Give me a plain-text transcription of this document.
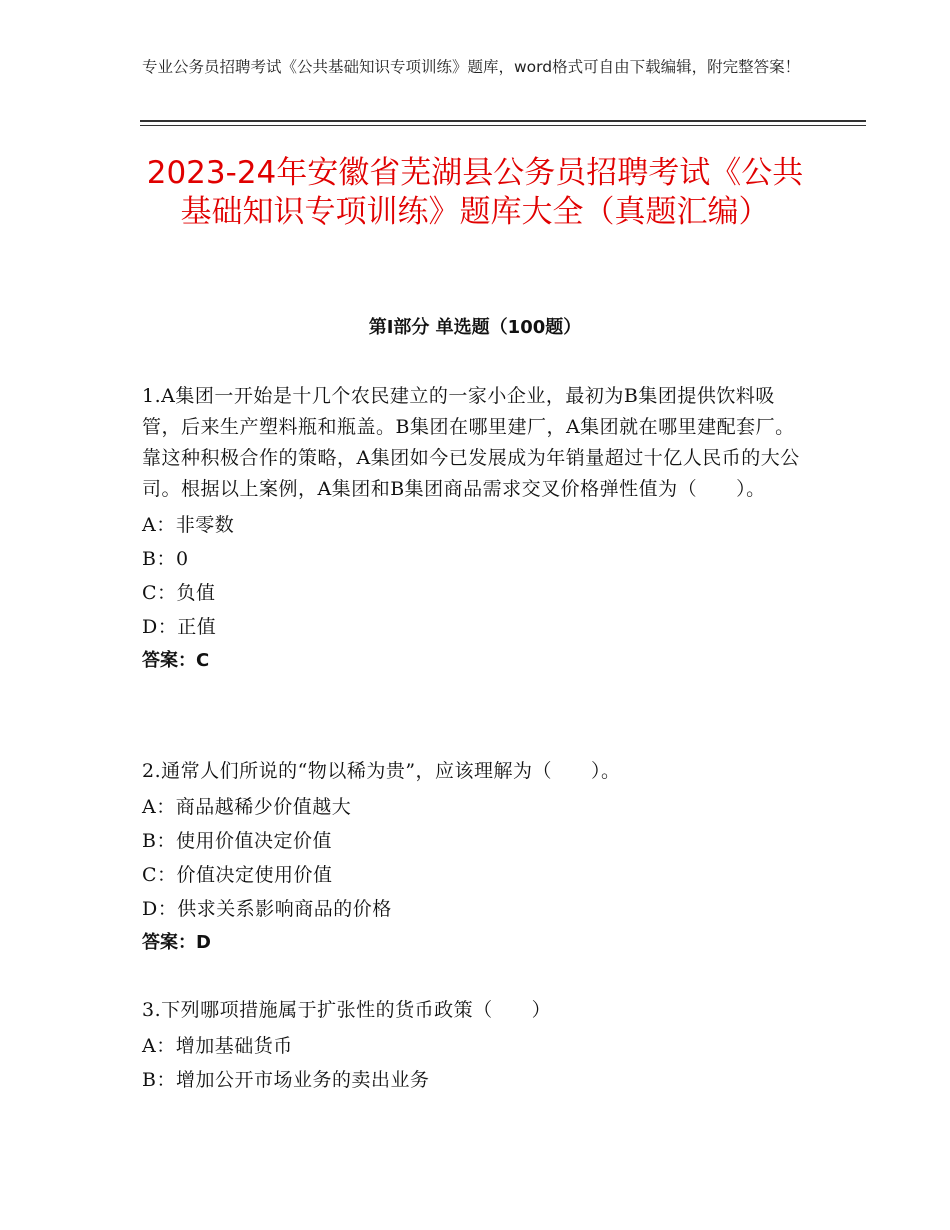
专业公务员招聘考试《公共基础知识专项训练》题库，word格式可自由下载编辑，附完整答案！
2023-24年安徽省芜湖县公务员招聘考试《公共基础知识专项训练》题库大全（真题汇编）
第Ⅰ部分 单选题（100题）

1.A集团一开始是十几个农民建立的一家小企业，最初为B集团提供饮料吸管，后来生产塑料瓶和瓶盖。B集团在哪里建厂，A集团就在哪里建配套厂。靠这种积极合作的策略，A集团如今已发展成为年销量超过十亿人民币的大公司。根据以上案例，A集团和B集团商品需求交叉价格弹性值为（　　）。

A：非零数

B：0

C：负值

D：正值

答案：C

2.通常人们所说的“物以稀为贵”，应该理解为（　　）。

A：商品越稀少价值越大

B：使用价值决定价值

C：价值决定使用价值

D：供求关系影响商品的价格

答案：D

3.下列哪项措施属于扩张性的货币政策（　　）

A：增加基础货币

B：增加公开市场业务的卖出业务
